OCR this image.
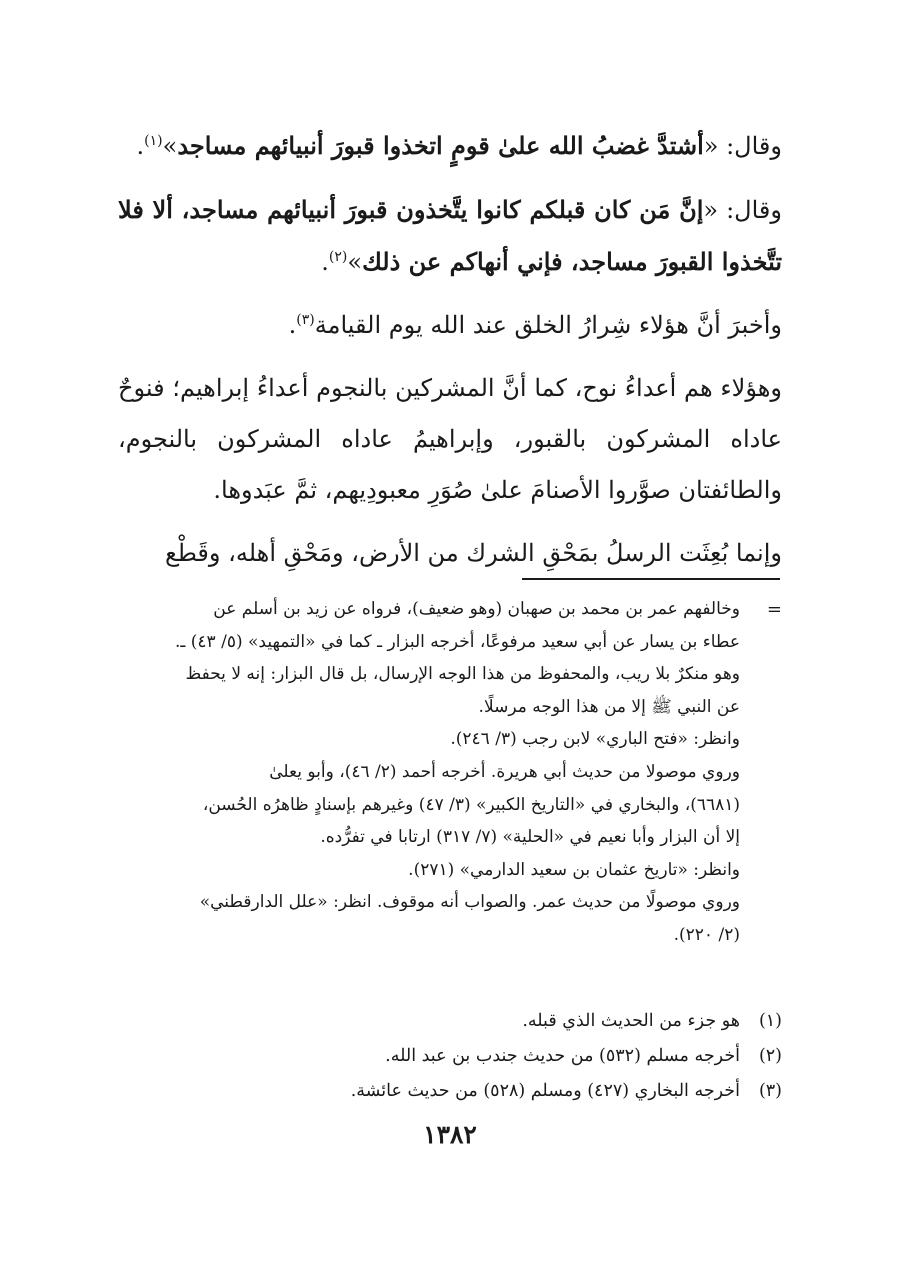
وقال: «أشتدَّ غضبُ الله علىٰ قومٍ اتخذوا قبورَ أنبيائهم مساجد»$^{(١)}$.

وقال: «إنَّ مَن كان قبلكم كانوا يتَّخذون قبورَ أنبيائهم مساجد، ألا فلا تتَّخذوا القبورَ مساجد، فإني أنهاكم عن ذلك»$^{(٢)}$.

وأخبرَ أنَّ هؤلاء شِرارُ الخلق عند الله يوم القيامة$^{(٣)}$.

وهؤلاء هم أعداءُ نوح، كما أنَّ المشركين بالنجوم أعداءُ إبراهيم؛ فنوحٌ عاداه المشركون بالقبور، وإبراهيمُ عاداه المشركون بالنجوم، والطائفتان صوَّروا الأصنامَ علىٰ صُوَرِ معبودِيهم، ثمَّ عبَدوها.

وإنما بُعِثَت الرسلُ بمَحْقِ الشرك من الأرض، ومَحْقِ أهله، وقَطْع

=

وخالفهم عمر بن محمد بن صهبان (وهو ضعيف)، فرواه عن زيد بن أسلم عن

عطاء بن يسار عن أبي سعيد مرفوعًا، أخرجه البزار ـ كما في «التمهيد» (٥/ ٤٣) ـ.

وهو منكرٌ بلا ريب، والمحفوظ من هذا الوجه الإرسال، بل قال البزار: إنه لا يحفظ

عن النبي ﷺ إلا من هذا الوجه مرسلًا.

وانظر: «فتح الباري» لابن رجب (٣/ ٢٤٦).

وروي موصولا من حديث أبي هريرة. أخرجه أحمد (٢/ ٤٦)، وأبو يعلىٰ

(٦٦٨١)، والبخاري في «التاريخ الكبير» (٣/ ٤٧) وغيرهم بإسنادٍ ظاهرُه الحُسن،

إلا أن البزار وأبا نعيم في «الحلية» (٧/ ٣١٧) ارتابا في تفرُّده.

وانظر: «تاريخ عثمان بن سعيد الدارمي» (٢٧١).

وروي موصولًا من حديث عمر. والصواب أنه موقوف. انظر: «علل الدارقطني»

(٢/ ٢٢٠).

(١)
هو جزء من الحديث الذي قبله.
(٢)
أخرجه مسلم (٥٣٢) من حديث جندب بن عبد الله.
(٣)
أخرجه البخاري (٤٢٧) ومسلم (٥٢٨) من حديث عائشة.
١٣٨٢
